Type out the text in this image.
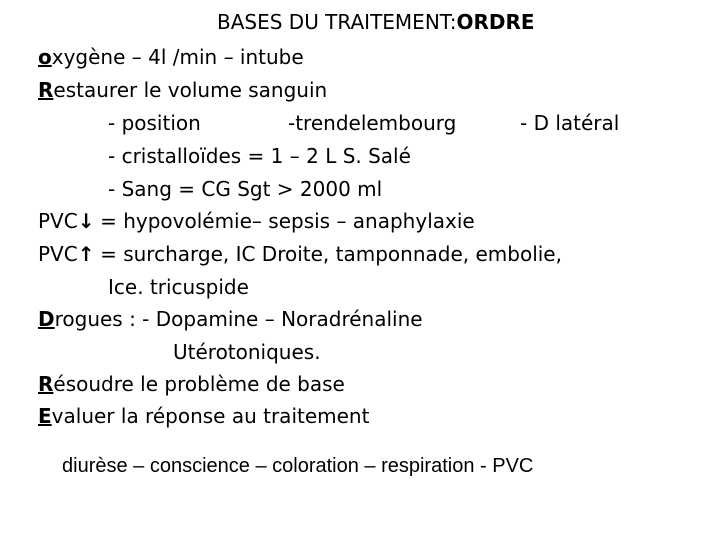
BASES DU TRAITEMENT:ORDRE
oxygène – 4l /min – intube
Restaurer le volume sanguin
- position	-trendelembourg	- D latéral
- cristalloïdes = 1 – 2 L S. Salé
- Sang = CG Sgt > 2000 ml
PVC↓ = hypovolémie– sepsis – anaphylaxie
PVC↑ = surcharge, IC Droite, tamponnade, embolie,
Ice. tricuspide
Drogues : - Dopamine – Noradrénaline
Utérotoniques.
Résoudre le problème de base
Evaluer la réponse au traitement
diurèse – conscience – coloration – respiration - PVC
